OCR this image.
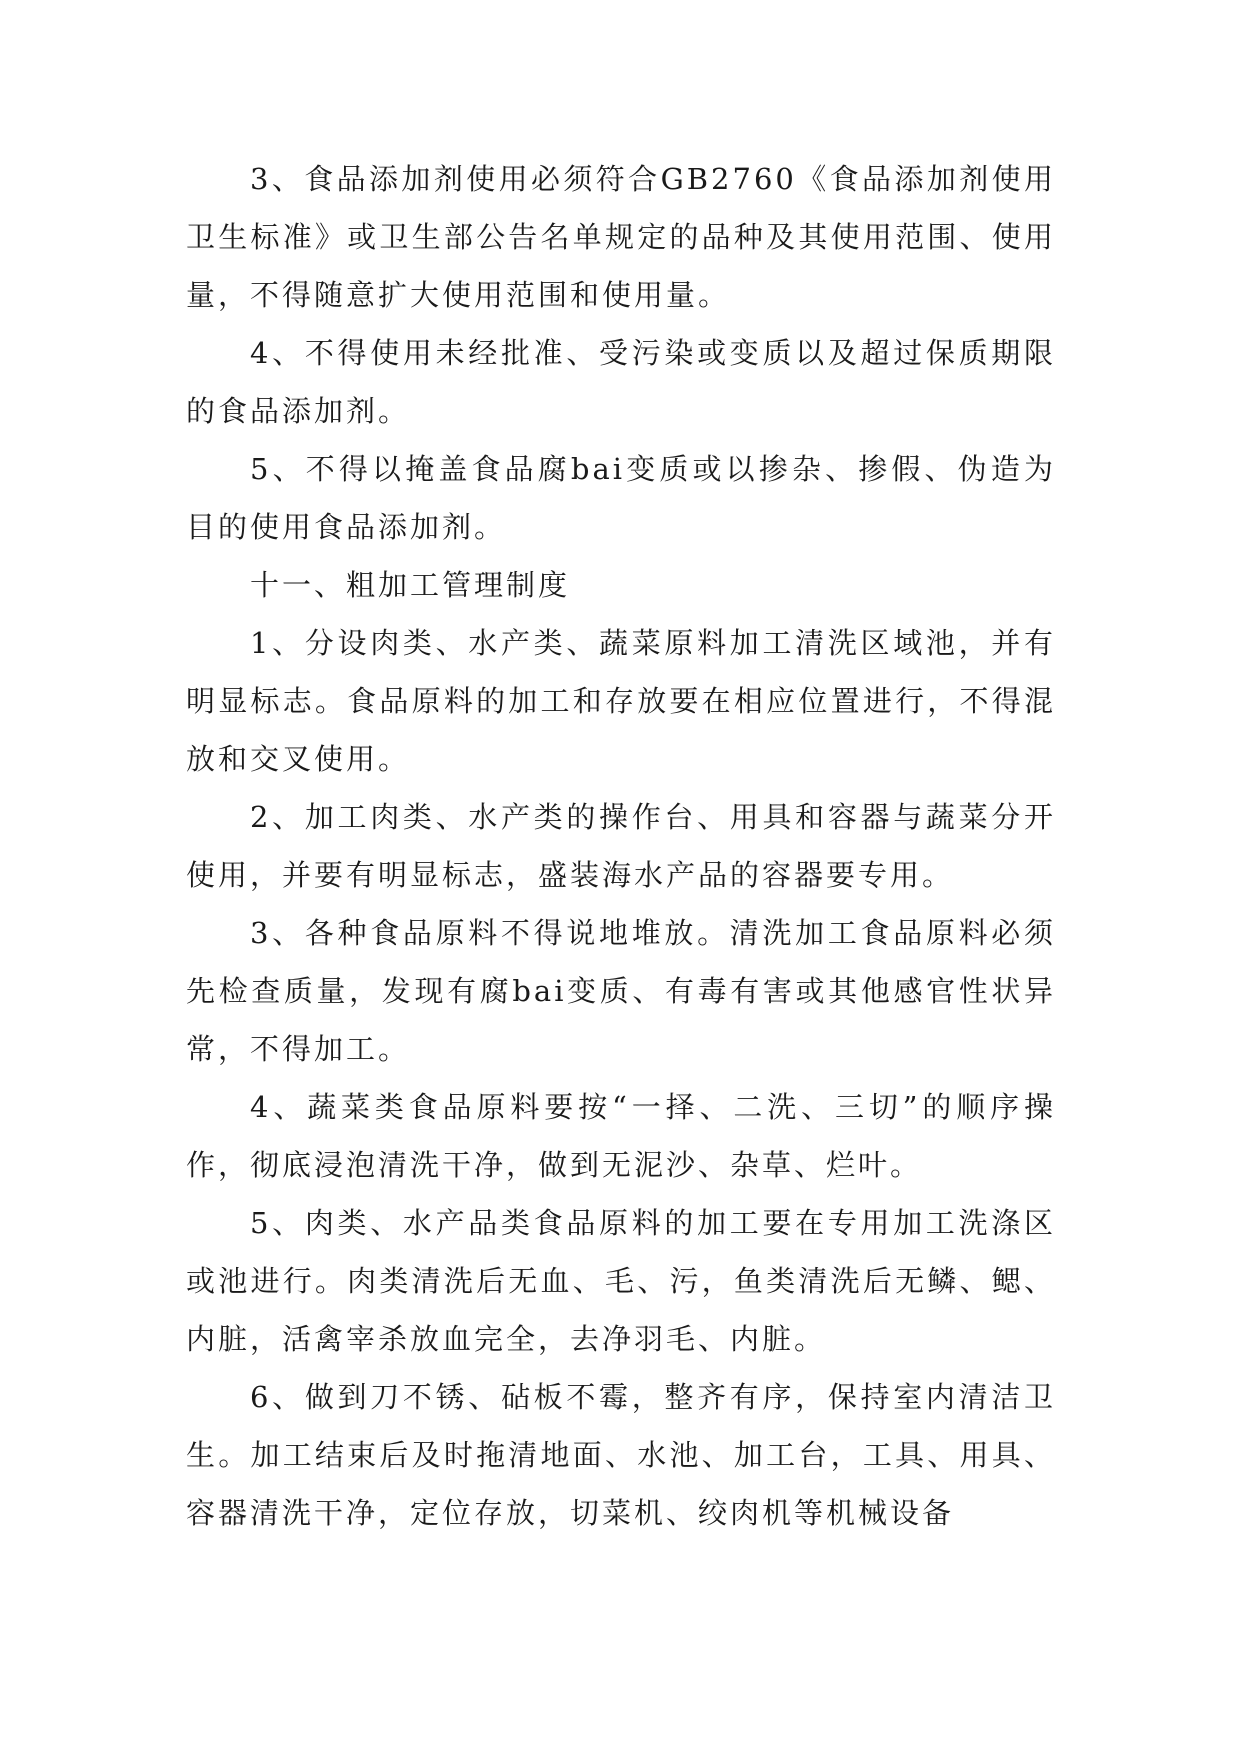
3、食品添加剂使用必须符合GB2760《食品添加剂使用卫生标准》或卫生部公告名单规定的品种及其使用范围、使用量，不得随意扩大使用范围和使用量。

4、不得使用未经批准、受污染或变质以及超过保质期限的食品添加剂。

5、不得以掩盖食品腐bai变质或以掺杂、掺假、伪造为目的使用食品添加剂。

十一、粗加工管理制度

1、分设肉类、水产类、蔬菜原料加工清洗区域池，并有明显标志。食品原料的加工和存放要在相应位置进行，不得混放和交叉使用。

2、加工肉类、水产类的操作台、用具和容器与蔬菜分开使用，并要有明显标志，盛装海水产品的容器要专用。

3、各种食品原料不得说地堆放。清洗加工食品原料必须先检查质量，发现有腐bai变质、有毒有害或其他感官性状异常，不得加工。

4、蔬菜类食品原料要按“一择、二洗、三切”的顺序操作，彻底浸泡清洗干净，做到无泥沙、杂草、烂叶。

5、肉类、水产品类食品原料的加工要在专用加工洗涤区或池进行。肉类清洗后无血、毛、污，鱼类清洗后无鳞、鳃、内脏，活禽宰杀放血完全，去净羽毛、内脏。

6、做到刀不锈、砧板不霉，整齐有序，保持室内清洁卫生。加工结束后及时拖清地面、水池、加工台，工具、用具、容器清洗干净，定位存放，切菜机、绞肉机等机械设备
